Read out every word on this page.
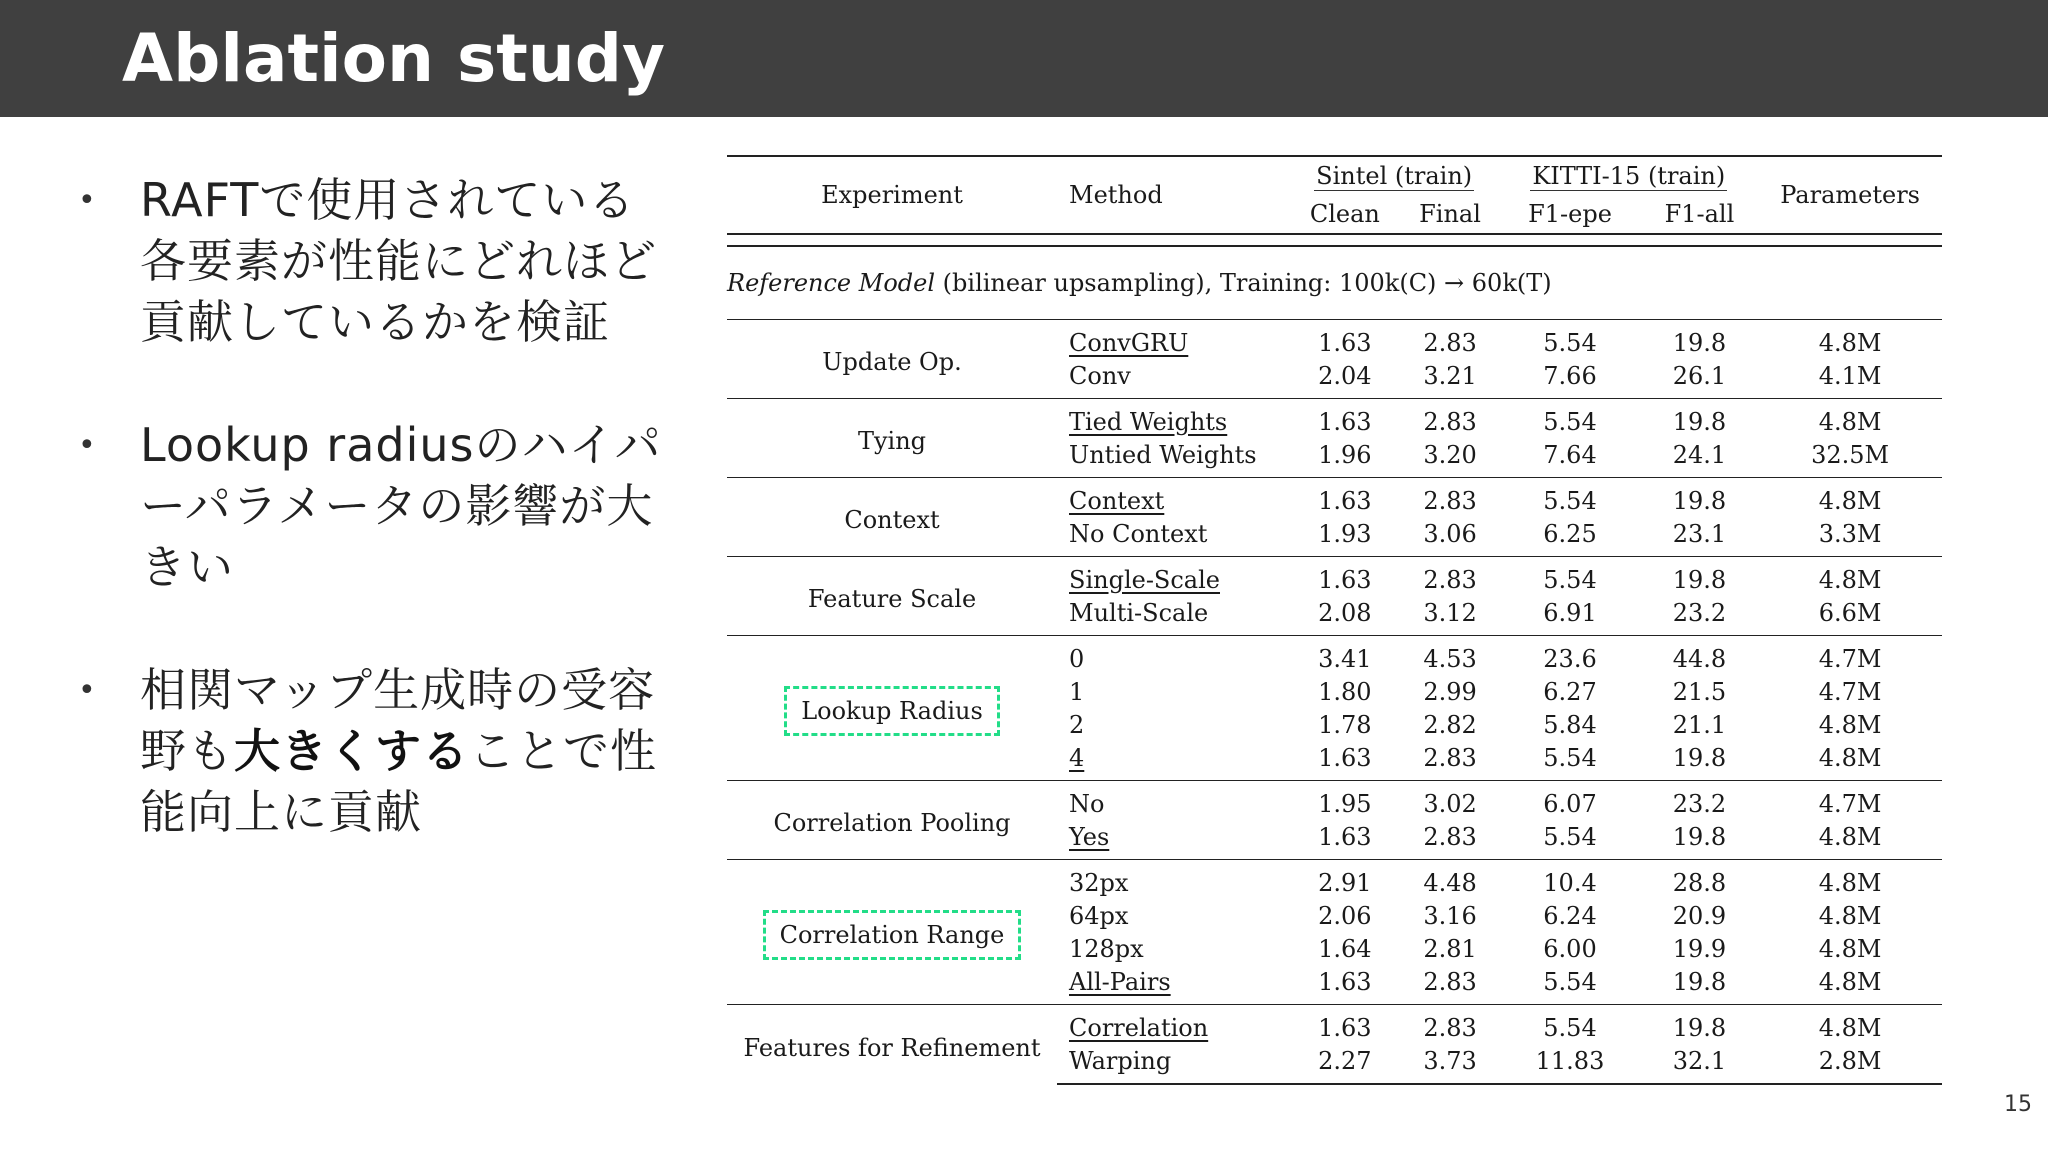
Ablation study
• RAFTで使用されている各要素が性能にどれほど貢献しているかを検証
• Lookup radiusのハイパーパラメータの影響が大きい
• 相関マップ生成時の受容野も大きくすることで性能向上に貢献
Experiment	Method	Sintel (train)		KITTI-15 (train)		Parameters
		Clean	Final	F1-epe	F1-all	

Reference Model (bilinear upsampling), Training: 100k(C) → 60k(T)						
Update Op.	ConvGRU	1.63	2.83	5.54	19.8	4.8M
	Conv	2.04	3.21	7.66	26.1	4.1M
Tying	Tied Weights	1.63	2.83	5.54	19.8	4.8M
	Untied Weights	1.96	3.20	7.64	24.1	32.5M
Context	Context	1.63	2.83	5.54	19.8	4.8M
	No Context	1.93	3.06	6.25	23.1	3.3M
Feature Scale	Single-Scale	1.63	2.83	5.54	19.8	4.8M
	Multi-Scale	2.08	3.12	6.91	23.2	6.6M
Lookup Radius	0	3.41	4.53	23.6	44.8	4.7M
	1	1.80	2.99	6.27	21.5	4.7M
	2	1.78	2.82	5.84	21.1	4.8M
	4	1.63	2.83	5.54	19.8	4.8M
Correlation Pooling	No	1.95	3.02	6.07	23.2	4.7M
	Yes	1.63	2.83	5.54	19.8	4.8M
Correlation Range	32px	2.91	4.48	10.4	28.8	4.8M
	64px	2.06	3.16	6.24	20.9	4.8M
	128px	1.64	2.81	6.00	19.9	4.8M
	All-Pairs	1.63	2.83	5.54	19.8	4.8M
Features for Refinement	Correlation	1.63	2.83	5.54	19.8	4.8M
	Warping	2.27	3.73	11.83	32.1	2.8M
15
